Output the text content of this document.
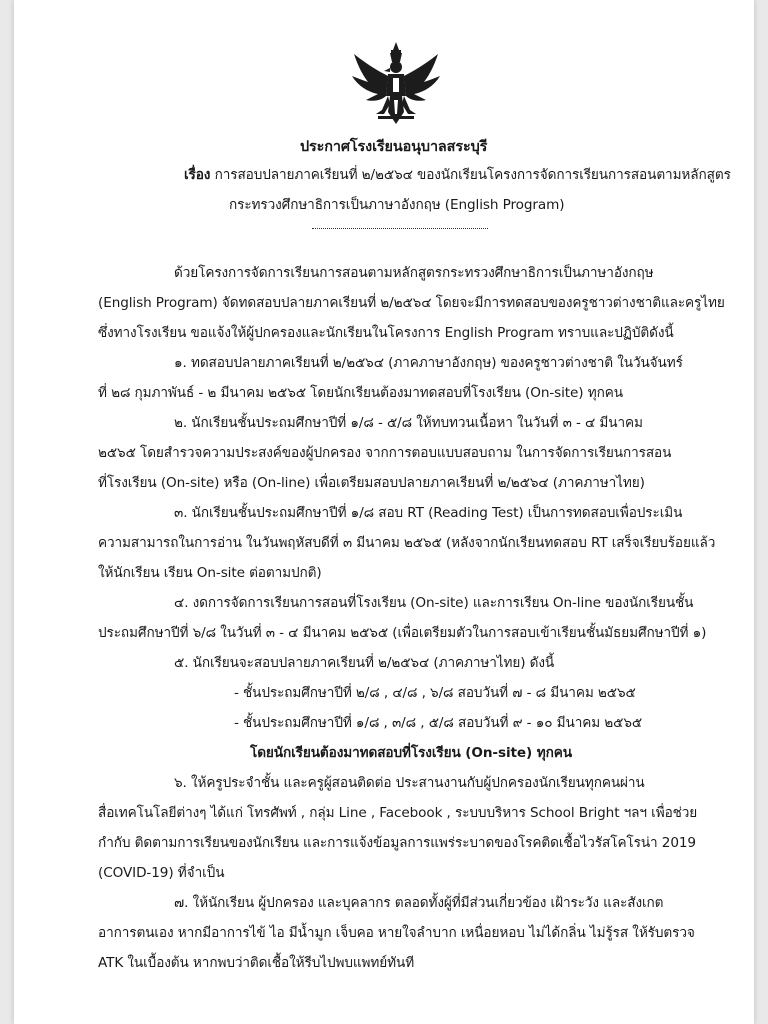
ประกาศโรงเรียนอนุบาลสระบุรี
เรื่อง การสอบปลายภาคเรียนที่ ๒/๒๕๖๔ ของนักเรียนโครงการจัดการเรียนการสอนตามหลักสูตร
กระทรวงศึกษาธิการเป็นภาษาอังกฤษ (English Program)
ด้วยโครงการจัดการเรียนการสอนตามหลักสูตรกระทรวงศึกษาธิการเป็นภาษาอังกฤษ
(English Program) จัดทดสอบปลายภาคเรียนที่ ๒/๒๕๖๔ โดยจะมีการทดสอบของครูชาวต่างชาติและครูไทย
ซึ่งทางโรงเรียน ขอแจ้งให้ผู้ปกครองและนักเรียนในโครงการ English Program ทราบและปฏิบัติดังนี้
๑. ทดสอบปลายภาคเรียนที่ ๒/๒๕๖๔ (ภาคภาษาอังกฤษ) ของครูชาวต่างชาติ ในวันจันทร์
ที่ ๒๘ กุมภาพันธ์ - ๒ มีนาคม ๒๕๖๕ โดยนักเรียนต้องมาทดสอบที่โรงเรียน (On-site) ทุกคน
๒. นักเรียนชั้นประถมศึกษาปีที่ ๑/๘ - ๕/๘ ให้ทบทวนเนื้อหา ในวันที่ ๓ - ๔ มีนาคม
๒๕๖๕ โดยสำรวจความประสงค์ของผู้ปกครอง จากการตอบแบบสอบถาม ในการจัดการเรียนการสอน
ที่โรงเรียน (On-site) หรือ (On-line) เพื่อเตรียมสอบปลายภาคเรียนที่ ๒/๒๕๖๔ (ภาคภาษาไทย)
๓. นักเรียนชั้นประถมศึกษาปีที่ ๑/๘ สอบ RT (Reading Test) เป็นการทดสอบเพื่อประเมิน
ความสามารถในการอ่าน ในวันพฤหัสบดีที่ ๓ มีนาคม ๒๕๖๕ (หลังจากนักเรียนทดสอบ RT เสร็จเรียบร้อยแล้ว
ให้นักเรียน เรียน On-site ต่อตามปกติ)
๔. งดการจัดการเรียนการสอนที่โรงเรียน (On-site) และการเรียน On-line ของนักเรียนชั้น
ประถมศึกษาปีที่ ๖/๘ ในวันที่ ๓ - ๔ มีนาคม ๒๕๖๕ (เพื่อเตรียมตัวในการสอบเข้าเรียนชั้นมัธยมศึกษาปีที่ ๑)
๕. นักเรียนจะสอบปลายภาคเรียนที่ ๒/๒๕๖๔ (ภาคภาษาไทย) ดังนี้
- ชั้นประถมศึกษาปีที่ ๒/๘ , ๔/๘ , ๖/๘ สอบวันที่ ๗ - ๘ มีนาคม ๒๕๖๕
- ชั้นประถมศึกษาปีที่ ๑/๘ , ๓/๘ , ๕/๘ สอบวันที่ ๙ - ๑๐ มีนาคม ๒๕๖๕
โดยนักเรียนต้องมาทดสอบที่โรงเรียน (On-site) ทุกคน
๖. ให้ครูประจำชั้น และครูผู้สอนติดต่อ ประสานงานกับผู้ปกครองนักเรียนทุกคนผ่าน
สื่อเทคโนโลยีต่างๆ ได้แก่ โทรศัพท์ , กลุ่ม Line , Facebook , ระบบบริหาร School Bright ฯลฯ เพื่อช่วย
กำกับ ติดตามการเรียนของนักเรียน และการแจ้งข้อมูลการแพร่ระบาดของโรคติดเชื้อไวรัสโคโรน่า 2019
(COVID-19) ที่จำเป็น
๗. ให้นักเรียน ผู้ปกครอง และบุคลากร ตลอดทั้งผู้ที่มีส่วนเกี่ยวข้อง เฝ้าระวัง และสังเกต
อาการตนเอง หากมีอาการไข้ ไอ มีน้ำมูก เจ็บคอ หายใจลำบาก เหนื่อยหอบ ไม่ได้กลิ่น ไม่รู้รส ให้รับตรวจ
ATK ในเบื้องต้น หากพบว่าติดเชื้อให้รีบไปพบแพทย์ทันที
